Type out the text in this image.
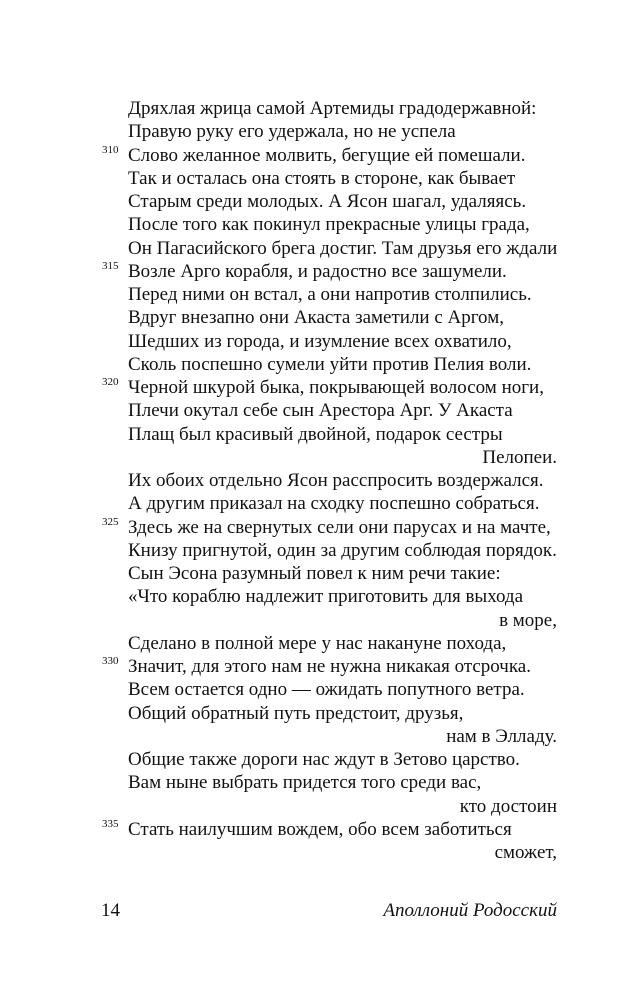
Дряхлая жрица самой Артемиды градодержавной:
Правую руку его удержала, но не успела
310 Слово желанное молвить, бегущие ей помешали.
Так и осталась она стоять в стороне, как бывает
Старым среди молодых. А Ясон шагал, удаляясь.
После того как покинул прекрасные улицы града,
Он Пагасийского брега достиг. Там друзья его ждали
315 Возле Арго корабля, и радостно все зашумели.
Перед ними он встал, а они напротив столпились.
Вдруг внезапно они Акаста заметили с Аргом,
Шедших из города, и изумление всех охватило,
Сколь поспешно сумели уйти против Пелия воли.
320 Черной шкурой быка, покрывающей волосом ноги,
Плечи окутал себе сын Арестора Арг. У Акаста
Плащ был красивый двойной, подарок сестры
Пелопеи.
Их обоих отдельно Ясон расспросить воздержался.
А другим приказал на сходку поспешно собраться.
325 Здесь же на свернутых сели они парусах и на мачте,
Книзу пригнутой, один за другим соблюдая порядок.
Сын Эсона разумный повел к ним речи такие:
«Что кораблю надлежит приготовить для выхода
в море,
Сделано в полной мере у нас накануне похода,
330 Значит, для этого нам не нужна никакая отсрочка.
Всем остается одно — ожидать попутного ветра.
Общий обратный путь предстоит, друзья,
нам в Элладу.
Общие также дороги нас ждут в Зетово царство.
Вам ныне выбрать придется того среди вас,
кто достоин
335 Стать наилучшим вождем, обо всем заботиться
сможет,
14	Аполлоний Родосский
